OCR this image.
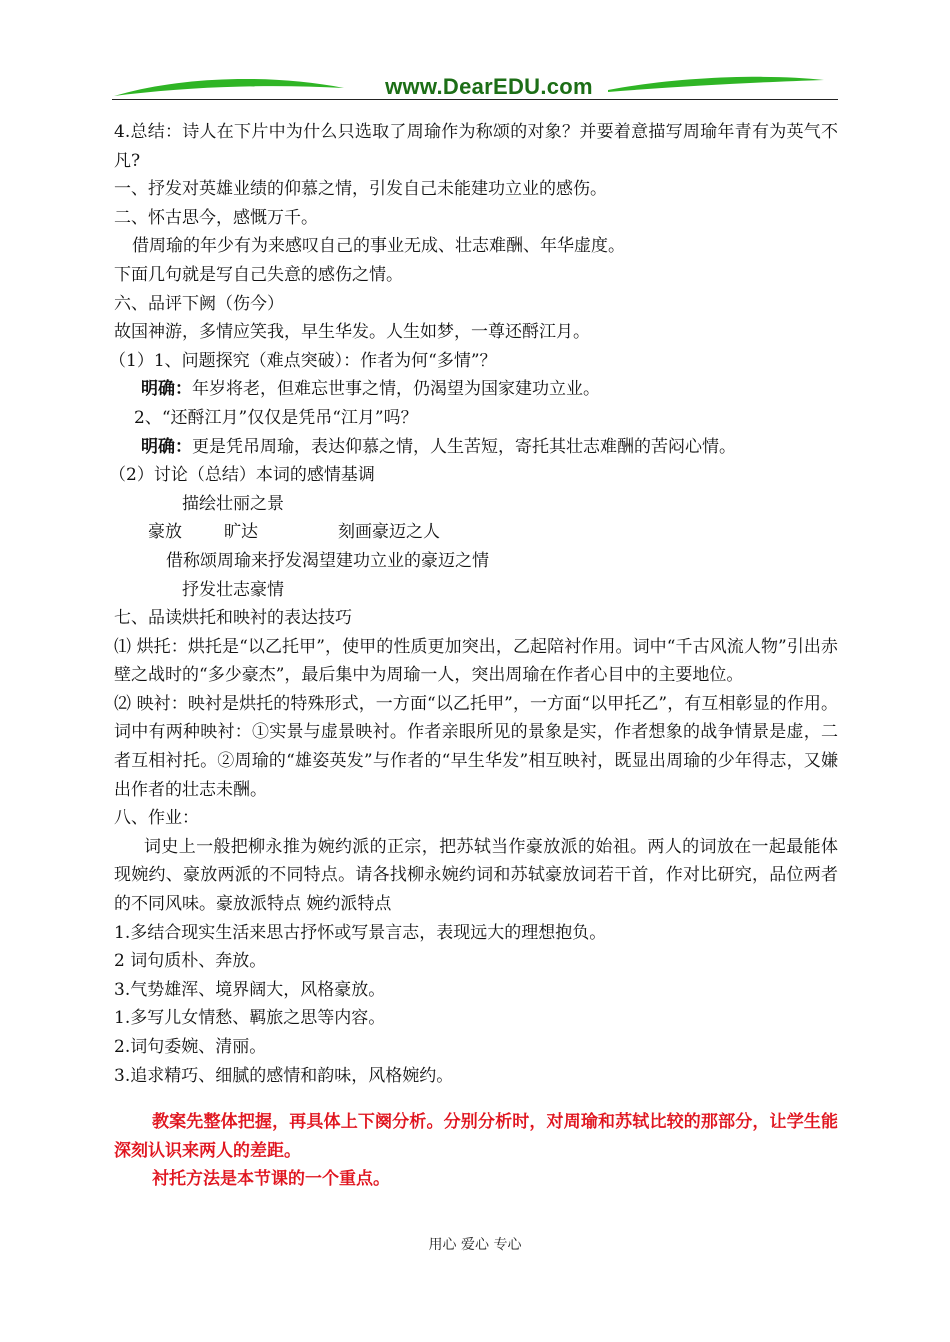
www.DearEDU.com
4.总结：诗人在下片中为什么只选取了周瑜作为称颂的对象？并要着意描写周瑜年青有为英气不凡?
一、抒发对英雄业绩的仰慕之情，引发自己未能建功立业的感伤。
二、怀古思今，感慨万千。
借周瑜的年少有为来感叹自己的事业无成、壮志难酬、年华虚度。
下面几句就是写自己失意的感伤之情。
六、品评下阙（伤今）
故国神游，多情应笑我，早生华发。人生如梦，一尊还酹江月。
（1）1、问题探究（难点突破）：作者为何“多情”？
明确：年岁将老，但难忘世事之情，仍渴望为国家建功立业。
2、“还酹江月”仅仅是凭吊“江月”吗？
明确：更是凭吊周瑜，表达仰慕之情，人生苦短，寄托其壮志难酬的苦闷心情。
（2）讨论（总结）本词的感情基调
描绘壮丽之景
豪放 旷达	刻画豪迈之人
借称颂周瑜来抒发渴望建功立业的豪迈之情
抒发壮志豪情
七、品读烘托和映衬的表达技巧
⑴ 烘托：烘托是“以乙托甲”，使甲的性质更加突出，乙起陪衬作用。词中“千古风流人物”引出赤壁之战时的“多少豪杰”，最后集中为周瑜一人，突出周瑜在作者心目中的主要地位。
⑵ 映衬：映衬是烘托的特殊形式，一方面“以乙托甲”，一方面“以甲托乙”，有互相彰显的作用。词中有两种映衬：①实景与虚景映衬。作者亲眼所见的景象是实，作者想象的战争情景是虚，二者互相衬托。②周瑜的“雄姿英发”与作者的“早生华发”相互映衬，既显出周瑜的少年得志，又嫌出作者的壮志未酬。
八、作业：
词史上一般把柳永推为婉约派的正宗，把苏轼当作豪放派的始祖。两人的词放在一起最能体现婉约、豪放两派的不同特点。请各找柳永婉约词和苏轼豪放词若干首，作对比研究，品位两者的不同风味。豪放派特点 婉约派特点
1.多结合现实生活来思古抒怀或写景言志，表现远大的理想抱负。
2 词句质朴、奔放。
3.气势雄浑、境界阔大，风格豪放。
1.多写儿女情愁、羁旅之思等内容。
2.词句委婉、清丽。
3.追求精巧、细腻的感情和韵味，风格婉约。
教案先整体把握，再具体上下阕分析。分别分析时，对周瑜和苏轼比较的那部分，让学生能深刻认识来两人的差距。
衬托方法是本节课的一个重点。
用心 爱心 专心
